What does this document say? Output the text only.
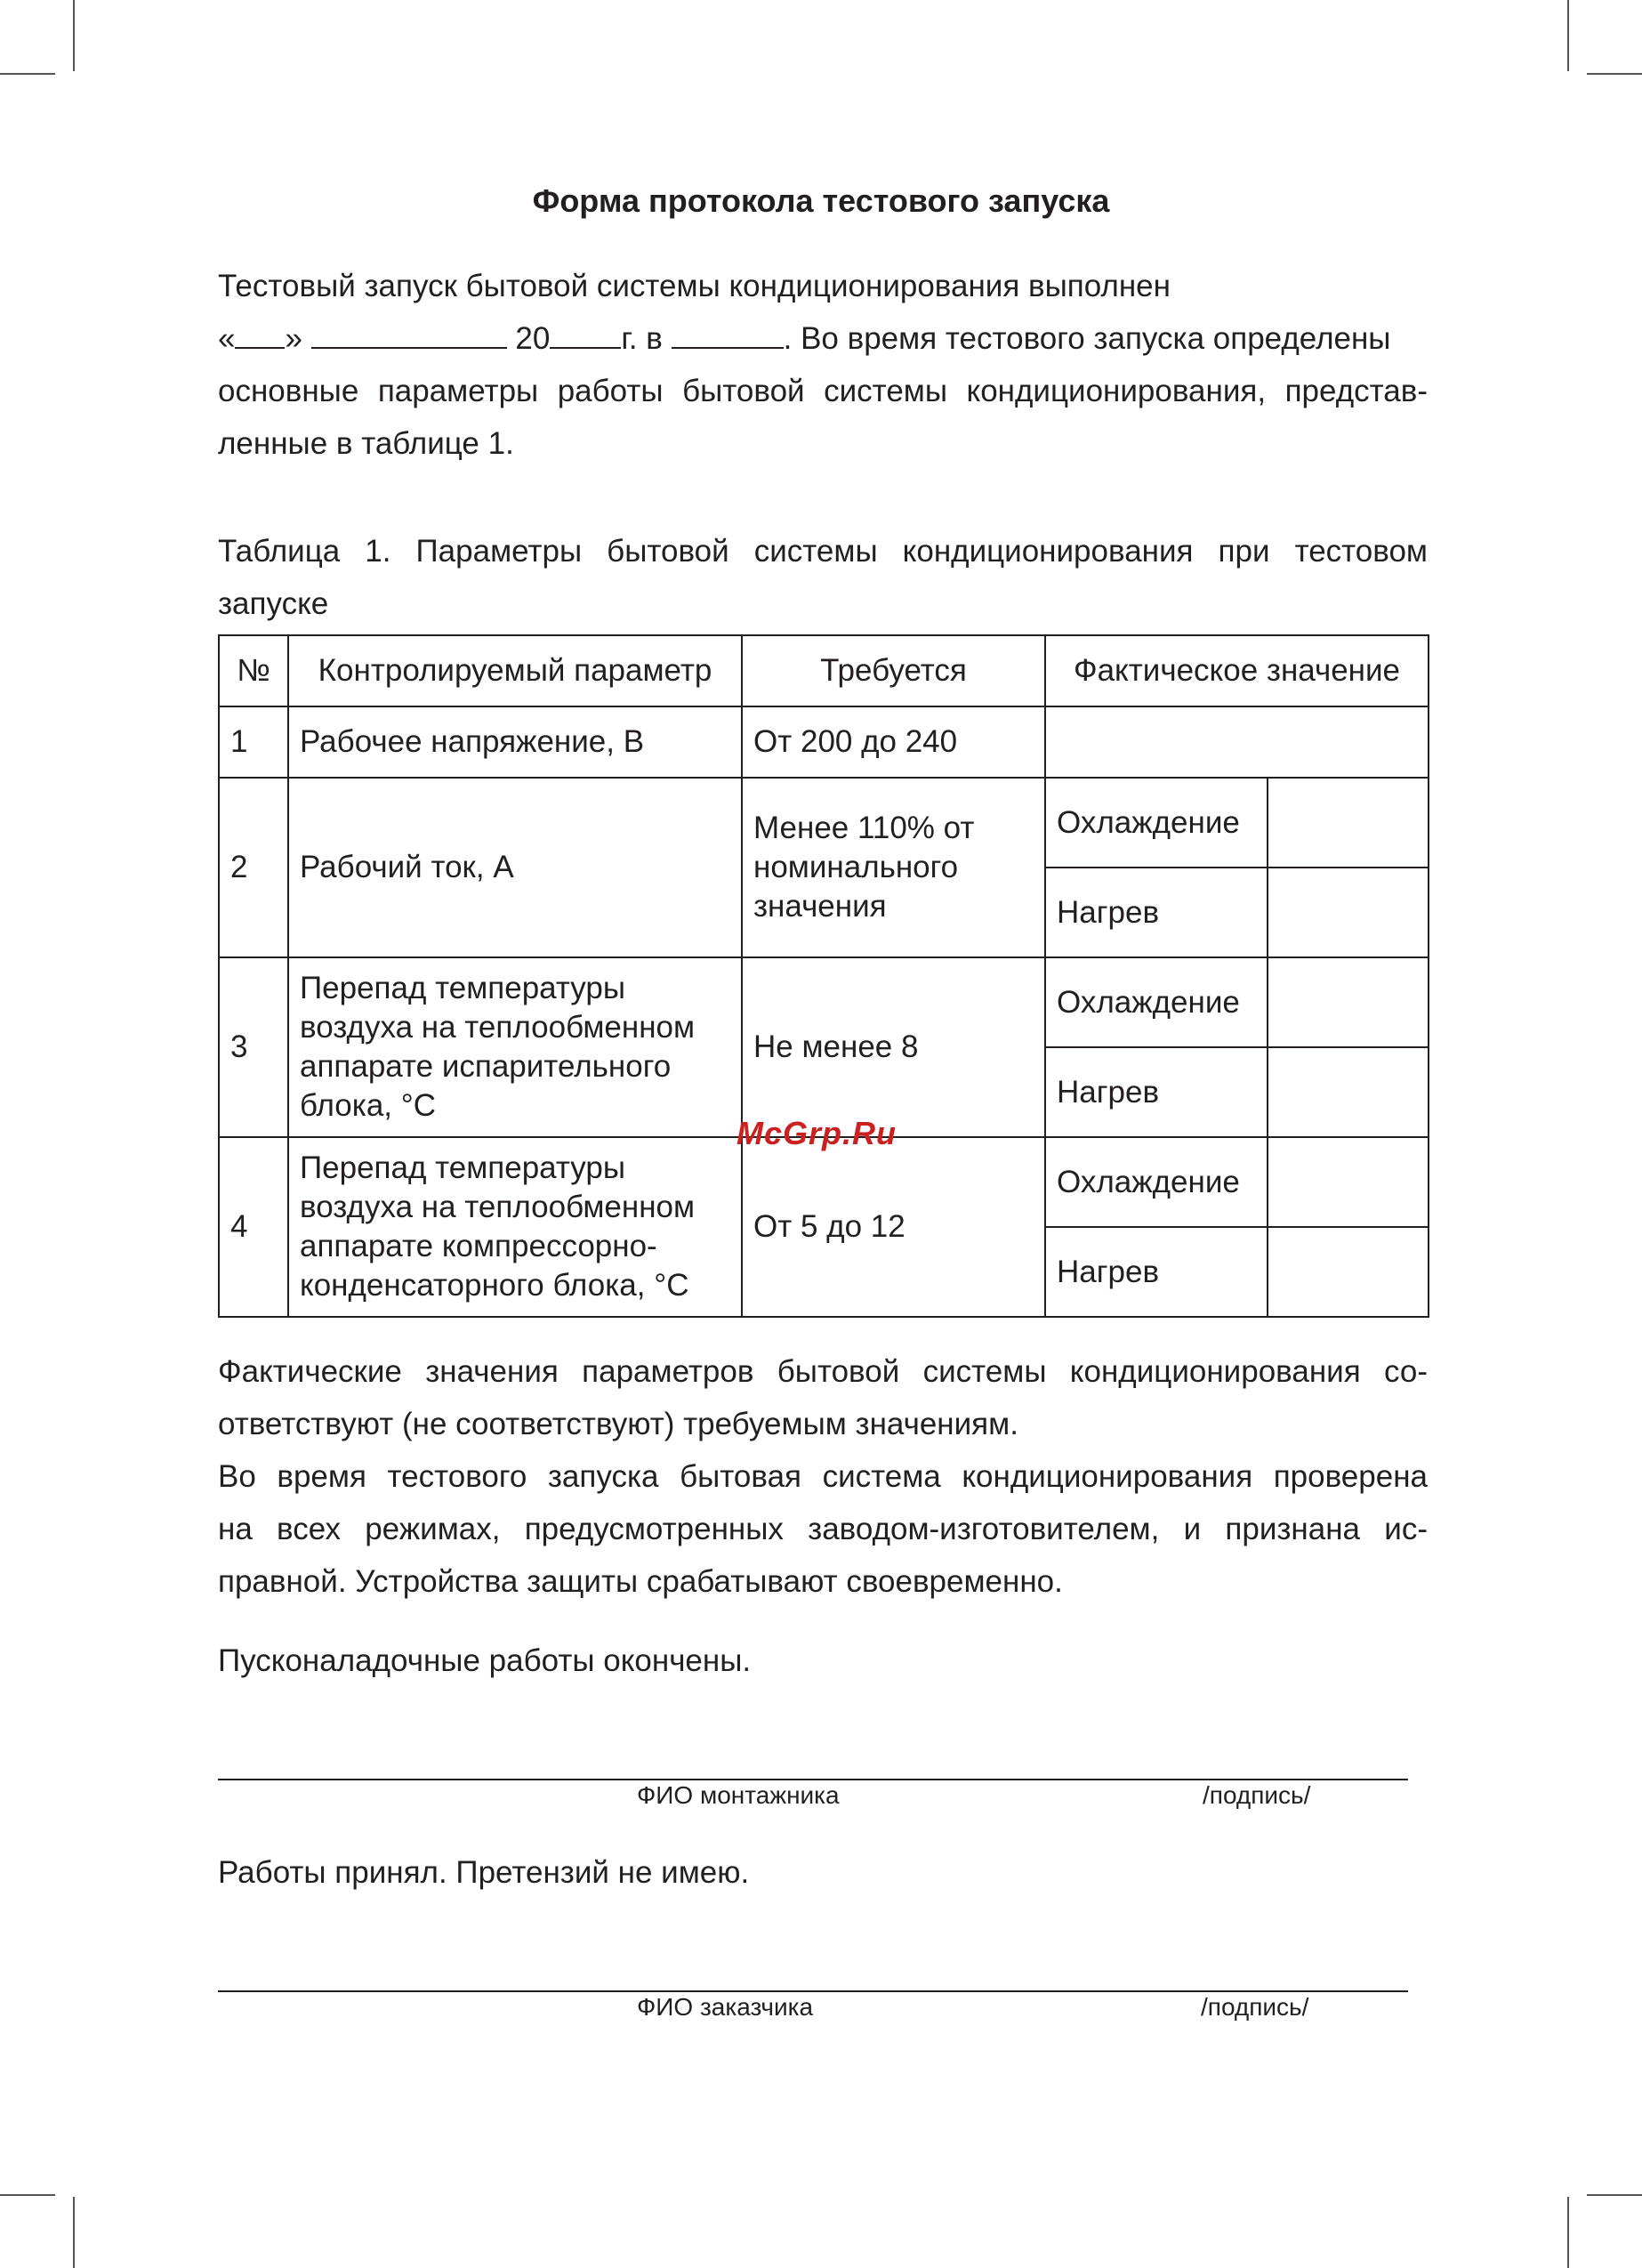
Форма протокола тестового запуска
Тестовый запуск бытовой системы кондиционирования выполнен
« »	20 г. в	. Во время тестового запуска определены
основные параметры работы бытовой системы кондиционирования, представ-
ленные в таблице 1.
Таблица 1. Параметры бытовой системы кондиционирования при тестовом
запуске
№	Контролируемый параметр	Требуется	Фактическое значение	
1	Рабочее напряжение, В	От 200 до 240		
2	Рабочий ток, А	Менее 110% от номинального значения	Охлаждение	
			Нагрев	
3	Перепад температуры воздуха на теплообменном аппарате испарительного блока, °С	Не менее 8	Охлаждение	
			Нагрев	
4	Перепад температуры воздуха на теплообменном аппарате компрессорно-конденсаторного блока, °С	От 5 до 12	Охлаждение	
			Нагрев	
McGrp.Ru
Фактические значения параметров бытовой системы кондиционирования со-
ответствуют (не соответствуют) требуемым значениям.
Во время тестового запуска бытовая система кондиционирования проверена
на всех режимах, предусмотренных заводом-изготовителем, и признана ис-
правной. Устройства защиты срабатывают своевременно.
Пусконаладочные работы окончены.
ФИО монтажника	/подпись/
Работы принял. Претензий не имею.
ФИО заказчика	/подпись/
